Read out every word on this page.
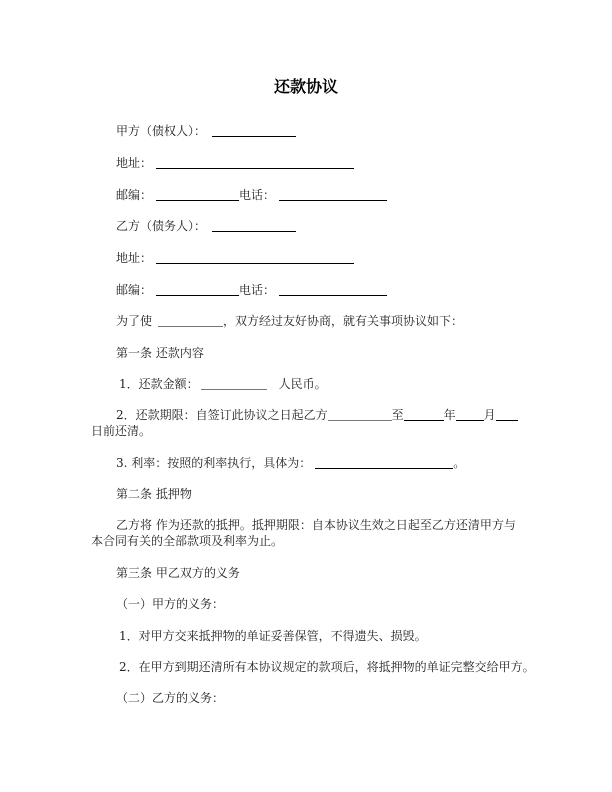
还款协议
甲方（债权人）：
地址：
邮编：	电话：
乙方（债务人）：
地址：
邮编：	电话：
为了使	，双方经过友好协商，就有关事项协议如下：
第一条 还款内容
1．还款金额：	人民币。
2．还款期限：自签订此协议之日起乙方	至	年 月日前还清。
3. 利率：按照的利率执行，具体为：	。
第二条 抵押物
乙方将 作为还款的抵押。抵押期限：自本协议生效之日起至乙方还清甲方与本合同有关的全部款项及利率为止。
第三条 甲乙双方的义务
（一）甲方的义务：
1．对甲方交来抵押物的单证妥善保管，不得遗失、损毁。
2．在甲方到期还清所有本协议规定的款项后，将抵押物的单证完整交给甲方。
（二）乙方的义务：
